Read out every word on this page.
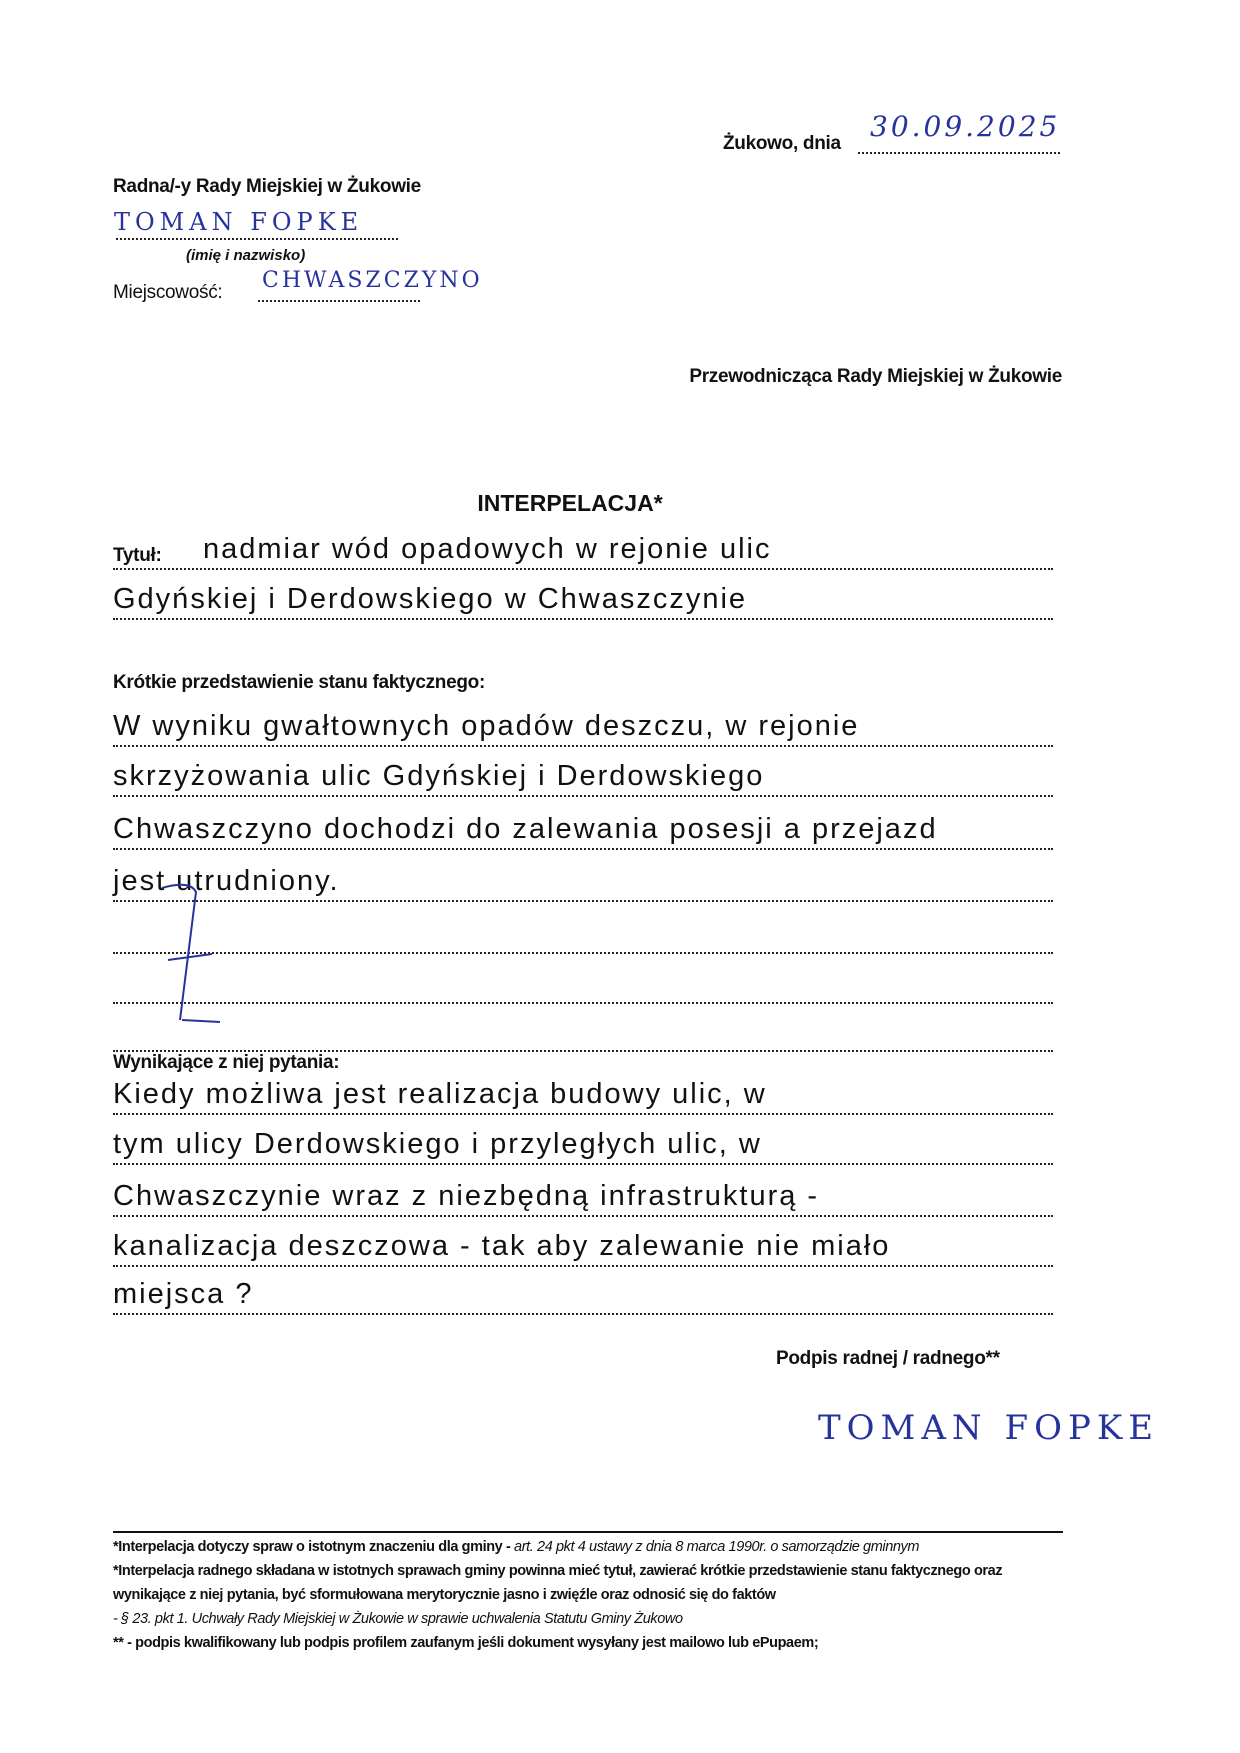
Żukowo, dnia
30.09.2025
Radna/-y Rady Miejskiej w Żukowie
TOMAN FOPKE
(imię i nazwisko)
Miejscowość: CHWASZCZYNO
Przewodnicząca Rady Miejskiej w Żukowie
INTERPELACJA*
Tytuł: nadmiar wód opadowych w rejonie ulic
Gdyńskiej i Derdowskiego w Chwaszczynie
Krótkie przedstawienie stanu faktycznego:
W wyniku gwałtownych opadów deszczu, w rejonie
skrzyżowania ulic Gdyńskiej i Derdowskiego
Chwaszczyno dochodzi do zalewania posesji a przejazd
jest utrudniony.
Wynikające z niej pytania:
Kiedy możliwa jest realizacja budowy ulic, w
tym ulicy Derdowskiego i przyległych ulic, w
Chwaszczynie wraz z niezbędną infrastrukturą -
kanalizacja deszczowa - tak aby zalewanie nie miało
miejsca ?
Podpis radnej / radnego**
TOMAN FOPKE
*Interpelacja dotyczy spraw o istotnym znaczeniu dla gminy - art. 24 pkt 4 ustawy z dnia 8 marca 1990r. o samorządzie gminnym
*Interpelacja radnego składana w istotnych sprawach gminy powinna mieć tytuł, zawierać krótkie przedstawienie stanu faktycznego oraz wynikające z niej pytania, być sformułowana merytorycznie jasno i zwięźle oraz odnosić się do faktów
- § 23. pkt 1. Uchwały Rady Miejskiej w Żukowie w sprawie uchwalenia Statutu Gminy Żukowo
** - podpis kwalifikowany lub podpis profilem zaufanym jeśli dokument wysyłany jest mailowo lub ePupaem;
